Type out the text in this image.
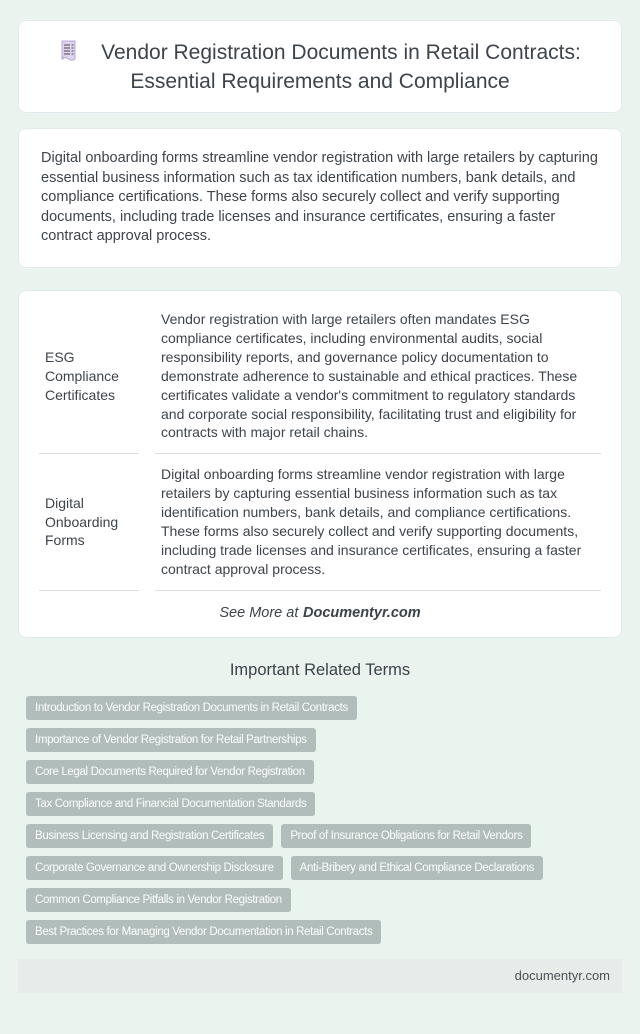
Vendor Registration Documents in Retail Contracts: Essential Requirements and Compliance

Digital onboarding forms streamline vendor registration with large retailers by capturing essential business information such as tax identification numbers, bank details, and compliance certifications. These forms also securely collect and verify supporting documents, including trade licenses and insurance certificates, ensuring a faster contract approval process.

ESG Compliance Certificates	Vendor registration with large retailers often mandates ESG compliance certificates, including environmental audits, social responsibility reports, and governance policy documentation to demonstrate adherence to sustainable and ethical practices. These certificates validate a vendor's commitment to regulatory standards and corporate social responsibility, facilitating trust and eligibility for contracts with major retail chains.
Digital Onboarding Forms	Digital onboarding forms streamline vendor registration with large retailers by capturing essential business information such as tax identification numbers, bank details, and compliance certifications. These forms also securely collect and verify supporting documents, including trade licenses and insurance certificates, ensuring a faster contract approval process.

See More at Documentyr.com

Important Related Terms
Introduction to Vendor Registration Documents in Retail Contracts
Importance of Vendor Registration for Retail Partnerships
Core Legal Documents Required for Vendor Registration
Tax Compliance and Financial Documentation Standards
Business Licensing and Registration Certificates	Proof of Insurance Obligations for Retail Vendors
Corporate Governance and Ownership Disclosure	Anti-Bribery and Ethical Compliance Declarations
Common Compliance Pitfalls in Vendor Registration
Best Practices for Managing Vendor Documentation in Retail Contracts
documentyr.com
